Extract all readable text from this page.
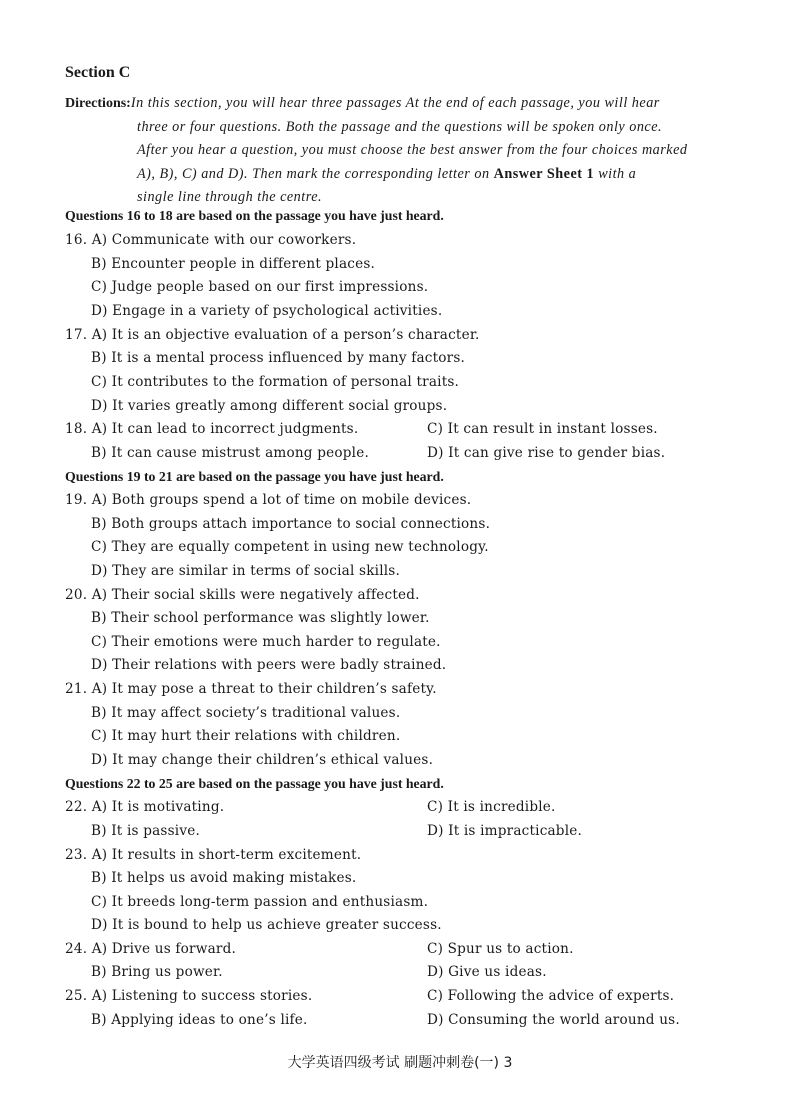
Section C
Directions:In this section, you will hear three passages At the end of each passage, you will hear
three or four questions. Both the passage and the questions will be spoken only once.
After you hear a question, you must choose the best answer from the four choices marked
A), B), C) and D). Then mark the corresponding letter on Answer Sheet 1 with a
single line through the centre.
Questions 16 to 18 are based on the passage you have just heard.
16. A) Communicate with our coworkers.
B) Encounter people in different places.
C) Judge people based on our first impressions.
D) Engage in a variety of psychological activities.
17. A) It is an objective evaluation of a person’s character.
B) It is a mental process influenced by many factors.
C) It contributes to the formation of personal traits.
D) It varies greatly among different social groups.
18. A) It can lead to incorrect judgments.	C) It can result in instant losses.
B) It can cause mistrust among people.	D) It can give rise to gender bias.
Questions 19 to 21 are based on the passage you have just heard.
19. A) Both groups spend a lot of time on mobile devices.
B) Both groups attach importance to social connections.
C) They are equally competent in using new technology.
D) They are similar in terms of social skills.
20. A) Their social skills were negatively affected.
B) Their school performance was slightly lower.
C) Their emotions were much harder to regulate.
D) Their relations with peers were badly strained.
21. A) It may pose a threat to their children’s safety.
B) It may affect society’s traditional values.
C) It may hurt their relations with children.
D) It may change their children’s ethical values.
Questions 22 to 25 are based on the passage you have just heard.
22. A) It is motivating.	C) It is incredible.
B) It is passive.	D) It is impracticable.
23. A) It results in short-term excitement.
B) It helps us avoid making mistakes.
C) It breeds long-term passion and enthusiasm.
D) It is bound to help us achieve greater success.
24. A) Drive us forward.	C) Spur us to action.
B) Bring us power.	D) Give us ideas.
25. A) Listening to success stories.	C) Following the advice of experts.
B) Applying ideas to one’s life.	D) Consuming the world around us.
大学英语四级考试 刷题冲刺卷(一) 3
